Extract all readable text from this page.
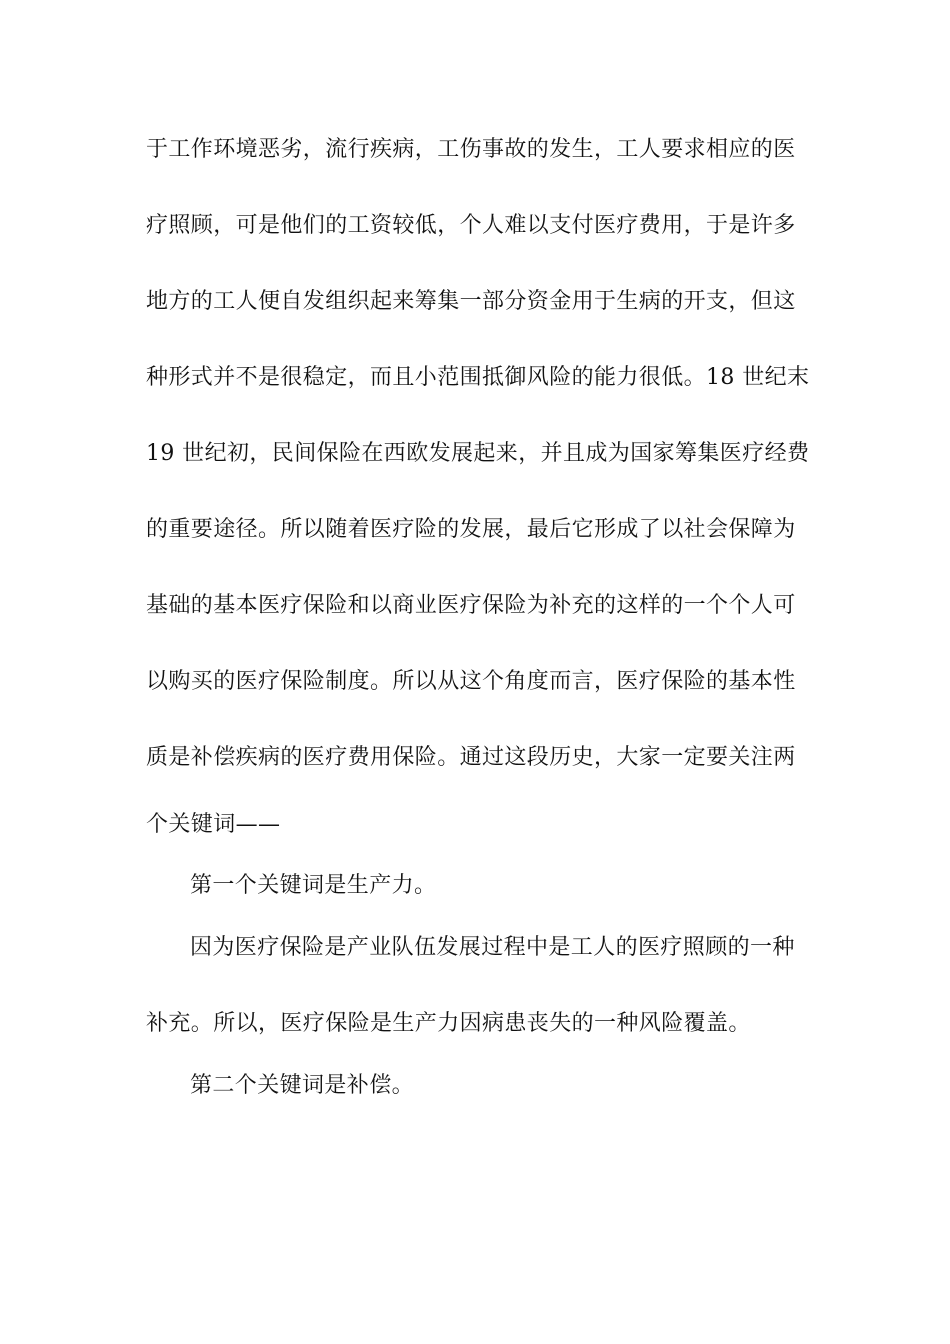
于工作环境恶劣，流行疾病，工伤事故的发生，工人要求相应的医
疗照顾，可是他们的工资较低，个人难以支付医疗费用，于是许多
地方的工人便自发组织起来筹集一部分资金用于生病的开支，但这
种形式并不是很稳定，而且小范围抵御风险的能力很低。18 世纪末
19 世纪初，民间保险在西欧发展起来，并且成为国家筹集医疗经费
的重要途径。所以随着医疗险的发展，最后它形成了以社会保障为
基础的基本医疗保险和以商业医疗保险为补充的这样的一个个人可
以购买的医疗保险制度。所以从这个角度而言，医疗保险的基本性
质是补偿疾病的医疗费用保险。通过这段历史，大家一定要关注两
个关键词——
第一个关键词是生产力。
因为医疗保险是产业队伍发展过程中是工人的医疗照顾的一种
补充。所以，医疗保险是生产力因病患丧失的一种风险覆盖。
第二个关键词是补偿。
